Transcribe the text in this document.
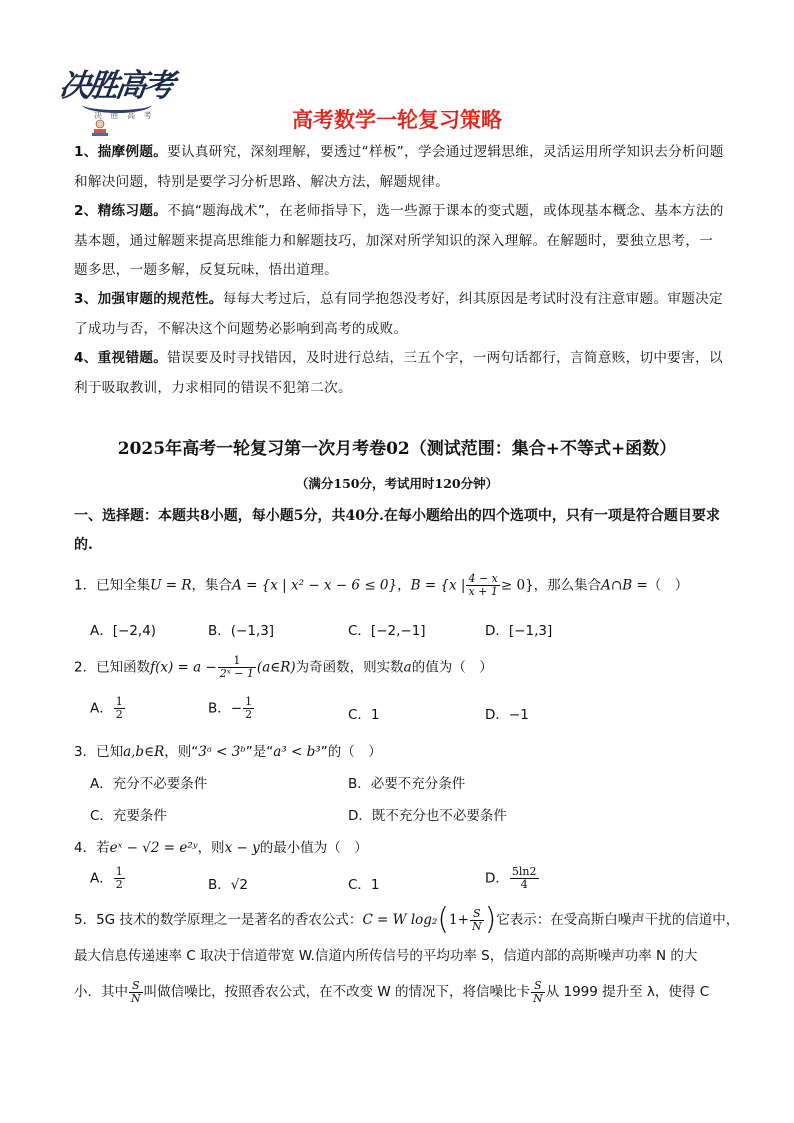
决胜高考
决 胜 高 考	高考数学一轮复习策略
1、揣摩例题。要认真研究，深刻理解，要透过“样板”，学会通过逻辑思维，灵活运用所学知识去分析问题和解决问题，特别是要学习分析思路、解决方法，解题规律。
2、精练习题。不搞“题海战术”，在老师指导下，选一些源于课本的变式题，或体现基本概念、基本方法的基本题，通过解题来提高思维能力和解题技巧，加深对所学知识的深入理解。在解题时，要独立思考，一题多思，一题多解，反复玩味，悟出道理。
3、加强审题的规范性。每每大考过后，总有同学抱怨没考好，纠其原因是考试时没有注意审题。审题决定了成功与否，不解决这个问题势必影响到高考的成败。
4、重视错题。错误要及时寻找错因，及时进行总结，三五个字，一两句话都行，言简意赅，切中要害，以利于吸取教训，力求相同的错误不犯第二次。
2025年高考一轮复习第一次月考卷02（测试范围：集合+不等式+函数）
（满分150分，考试用时120分钟）
一、选择题：本题共8小题，每小题5分，共40分.在每小题给出的四个选项中，只有一项是符合题目要求的.
1．已知全集U = R，集合A = {x | x² − x − 6 ≤ 0}，B = {x | $\frac{4 - x}{x + 1} \ge 0$}，那么集合A∩B =（　）
A．[−2,4)	B．(−1,3]	C．[−2,−1]	D．[−1,3]
2．已知函数$f(x) = a - \frac{1}{\text{2ˣ − 1}}$ (a∈R)为奇函数，则实数a的值为（　）
A． $\frac{1}{2}$	B．− $\frac{1}{2}$	C．1	D．−1
3．已知a,b∈R，则“3ᵃ < 3ᵇ”是“a³ < b³”的（　）
A．充分不必要条件	B．必要不充分条件
C．充要条件	D．既不充分也不必要条件
4．若eˣ − √2 = e²ʸ，则x − y的最小值为（　）
A． $\frac{1}{2}$	B．√2	C．1	D． $\frac{5\ln 2}{4}$
5．5G 技术的数学原理之一是著名的香农公式：C = W $\log_2(1+ \frac{S}{N}$ )它表示：在受高斯白噪声干扰的信道中，
最大信息传递速率 C 取决于信道带宽 W.信道内所传信号的平均功率 S，信道内部的高斯噪声功率 N 的大
小．其中 $\frac{S}{N}$ 叫做信噪比，按照香农公式，在不改变 W 的情况下，将信噪比卡 $\frac{S}{N}$ 从 1999 提升至 λ，使得 C
